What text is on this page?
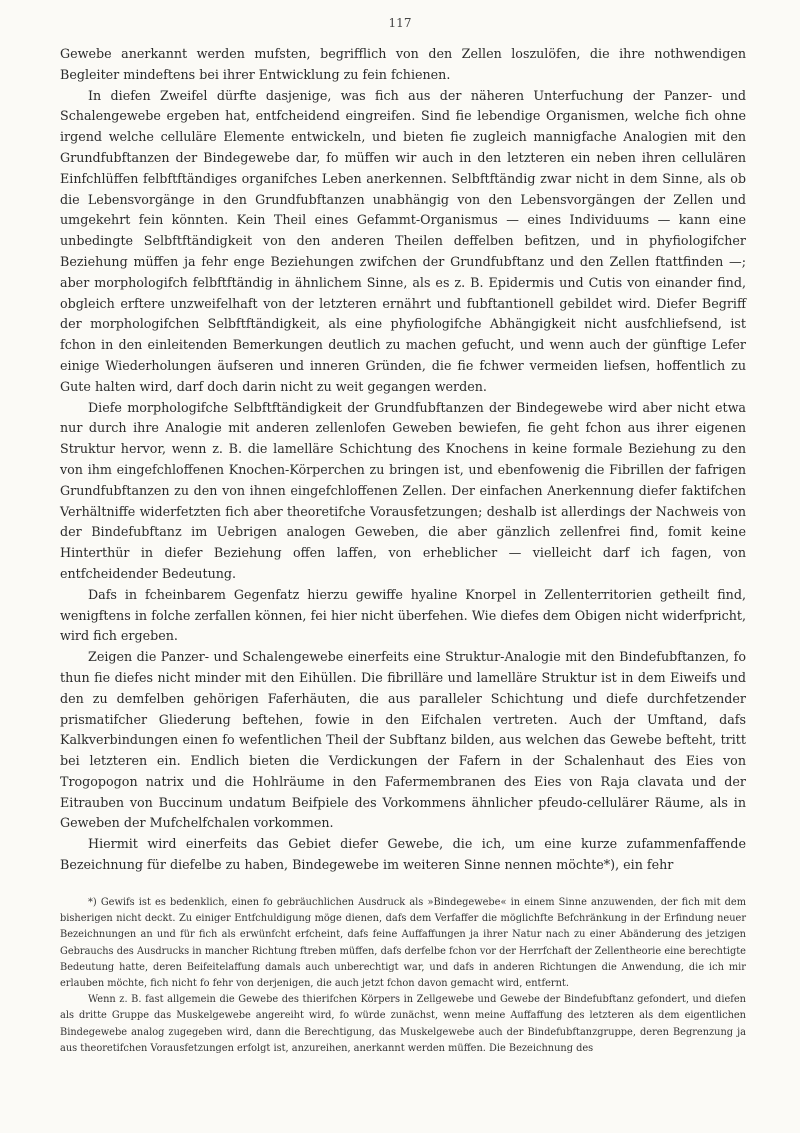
117

Gewebe anerkannt werden mufsten, begrifflich von den Zellen loszulöfen, die ihre nothwendigen Begleiter mindeftens bei ihrer Entwicklung zu fein fchienen.

In diefen Zweifel dürfte dasjenige, was fich aus der näheren Unterfuchung der Panzer- und Schalengewebe ergeben hat, entfcheidend eingreifen. Sind fie lebendige Organismen, welche fich ohne irgend welche celluläre Elemente entwickeln, und bieten fie zugleich mannigfache Analogien mit den Grundfubftanzen der Bindegewebe dar, fo müffen wir auch in den letzteren ein neben ihren cellulären Einfchlüffen felbftftändiges organifches Leben anerkennen. Selbftftändig zwar nicht in dem Sinne, als ob die Lebensvorgänge in den Grundfubftanzen unabhängig von den Lebensvorgängen der Zellen und umgekehrt fein könnten. Kein Theil eines Gefammt-Organismus — eines Individuums — kann eine unbedingte Selbftftändigkeit von den anderen Theilen deffelben befitzen, und in phyfiologifcher Beziehung müffen ja fehr enge Beziehungen zwifchen der Grundfubftanz und den Zellen ftattfinden —; aber morphologifch felbftftändig in ähnlichem Sinne, als es z. B. Epidermis und Cutis von einander find, obgleich erftere unzweifelhaft von der letzteren ernährt und fubftantionell gebildet wird. Diefer Begriff der morphologifchen Selbftftändigkeit, als eine phyfiologifche Abhängigkeit nicht ausfchliefsend, ist fchon in den einleitenden Bemerkungen deutlich zu machen gefucht, und wenn auch der günftige Lefer einige Wiederholungen äufseren und inneren Gründen, die fie fchwer vermeiden liefsen, hoffentlich zu Gute halten wird, darf doch darin nicht zu weit gegangen werden.

Diefe morphologifche Selbftftändigkeit der Grundfubftanzen der Bindegewebe wird aber nicht etwa nur durch ihre Analogie mit anderen zellenlofen Geweben bewiefen, fie geht fchon aus ihrer eigenen Struktur hervor, wenn z. B. die lamelläre Schichtung des Knochens in keine formale Beziehung zu den von ihm eingefchloffenen Knochen-Körperchen zu bringen ist, und ebenfowenig die Fibrillen der fafrigen Grundfubftanzen zu den von ihnen eingefchloffenen Zellen. Der einfachen Anerkennung diefer faktifchen Verhältniffe widerfetzten fich aber theoretifche Vorausfetzungen; deshalb ist allerdings der Nachweis von der Bindefubftanz im Uebrigen analogen Geweben, die aber gänzlich zellenfrei find, fomit keine Hinterthür in diefer Beziehung offen laffen, von erheblicher — vielleicht darf ich fagen, von entfcheidender Bedeutung.

Dafs in fcheinbarem Gegenfatz hierzu gewiffe hyaline Knorpel in Zellenterritorien getheilt find, wenigftens in folche zerfallen können, fei hier nicht überfehen. Wie diefes dem Obigen nicht widerfpricht, wird fich ergeben.

Zeigen die Panzer- und Schalengewebe einerfeits eine Struktur-Analogie mit den Bindefubftanzen, fo thun fie diefes nicht minder mit den Eihüllen. Die fibrilläre und lamelläre Struktur ist in dem Eiweifs und den zu demfelben gehörigen Faferhäuten, die aus paralleler Schichtung und diefe durchfetzender prismatifcher Gliederung beftehen, fowie in den Eifchalen vertreten. Auch der Umftand, dafs Kalkverbindungen einen fo wefentlichen Theil der Subftanz bilden, aus welchen das Gewebe befteht, tritt bei letzteren ein. Endlich bieten die Verdickungen der Fafern in der Schalenhaut des Eies von Trogopogon natrix und die Hohlräume in den Fafermembranen des Eies von Raja clavata und der Eitrauben von Buccinum undatum Beifpiele des Vorkommens ähnlicher pfeudo-cellulärer Räume, als in Geweben der Mufchelfchalen vorkommen.

Hiermit wird einerfeits das Gebiet diefer Gewebe, die ich, um eine kurze zufammenfaffende Bezeichnung für diefelbe zu haben, Bindegewebe im weiteren Sinne nennen möchte*), ein fehr

*) Gewifs ist es bedenklich, einen fo gebräuchlichen Ausdruck als »Bindegewebe« in einem Sinne anzuwenden, der fich mit dem bisherigen nicht deckt. Zu einiger Entfchuldigung möge dienen, dafs dem Verfaffer die möglichfte Befchränkung in der Erfindung neuer Bezeichnungen an und für fich als erwünfcht erfcheint, dafs feine Auffaffungen ja ihrer Natur nach zu einer Abänderung des jetzigen Gebrauchs des Ausdrucks in mancher Richtung ftreben müffen, dafs derfelbe fchon vor der Herrfchaft der Zellentheorie eine berechtigte Bedeutung hatte, deren Beifeitelaffung damals auch unberechtigt war, und dafs in anderen Richtungen die Anwendung, die ich mir erlauben möchte, fich nicht fo fehr von derjenigen, die auch jetzt fchon davon gemacht wird, entfernt.

Wenn z. B. fast allgemein die Gewebe des thierifchen Körpers in Zellgewebe und Gewebe der Bindefubftanz gefondert, und diefen als dritte Gruppe das Muskelgewebe angereiht wird, fo würde zunächst, wenn meine Auffaffung des letzteren als dem eigentlichen Bindegewebe analog zugegeben wird, dann die Berechtigung, das Muskelgewebe auch der Bindefubftanzgruppe, deren Begrenzung ja aus theoretifchen Vorausfetzungen erfolgt ist, anzureihen, anerkannt werden müffen. Die Bezeichnung des
